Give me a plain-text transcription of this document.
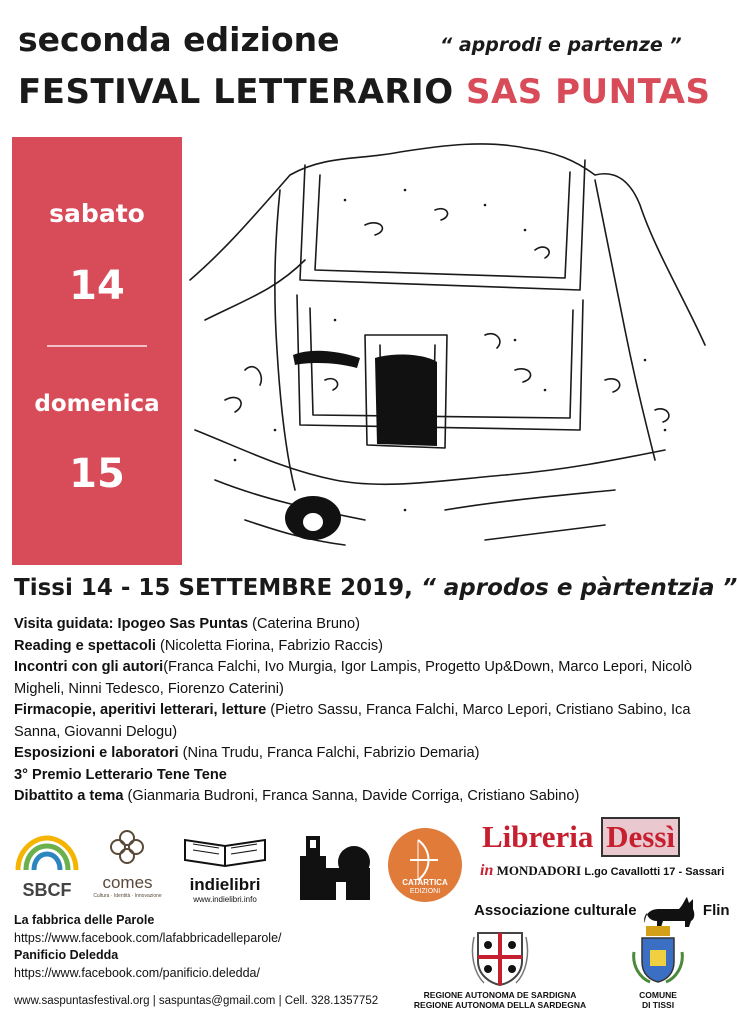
seconda edizione	“ approdi e partenze ”
FESTIVAL LETTERARIO SAS PUNTAS
sabato
14
domenica
15
Tissi 14 - 15 SETTEMBRE 2019, “ aprodos e pàrtentzia ”
Visita guidata: Ipogeo Sas Puntas (Caterina Bruno)
Reading e spettacoli (Nicoletta Fiorina, Fabrizio Raccis)
Incontri con gli autori(Franca Falchi, Ivo Murgia, Igor Lampis, Progetto Up&Down, Marco Lepori, Nicolò Migheli, Ninni Tedesco, Fiorenzo Caterini)
Firmacopie, aperitivi letterari, letture (Pietro Sassu, Franca Falchi, Marco Lepori, Cristiano Sabino, Ica Sanna, Giovanni Delogu)
Esposizioni e laboratori (Nina Trudu, Franca Falchi, Fabrizio Demaria)
3° Premio Letterario Tene Tene
Dibattito a tema (Gianmaria Budroni, Franca Sanna, Davide Corriga, Cristiano Sabino)
SBCF	comes
Cultura · Identità · Innovazione
indielibri
www.indielibri.info
CATARTICA
EDIZIONI
Libreria Dessì
in MONDADORI L.go Cavallotti 17 - Sassari
Associazione culturale	Flin
REGIONE AUTONOMA DE SARDIGNA
REGIONE AUTONOMA DELLA SARDEGNA
COMUNE
DI TISSI
La fabbrica delle Parole
https://www.facebook.com/lafabbricadelleparole/
Panificio Deledda
https://www.facebook.com/panificio.deledda/
www.saspuntasfestival.org | saspuntas@gmail.com | Cell. 328.1357752
